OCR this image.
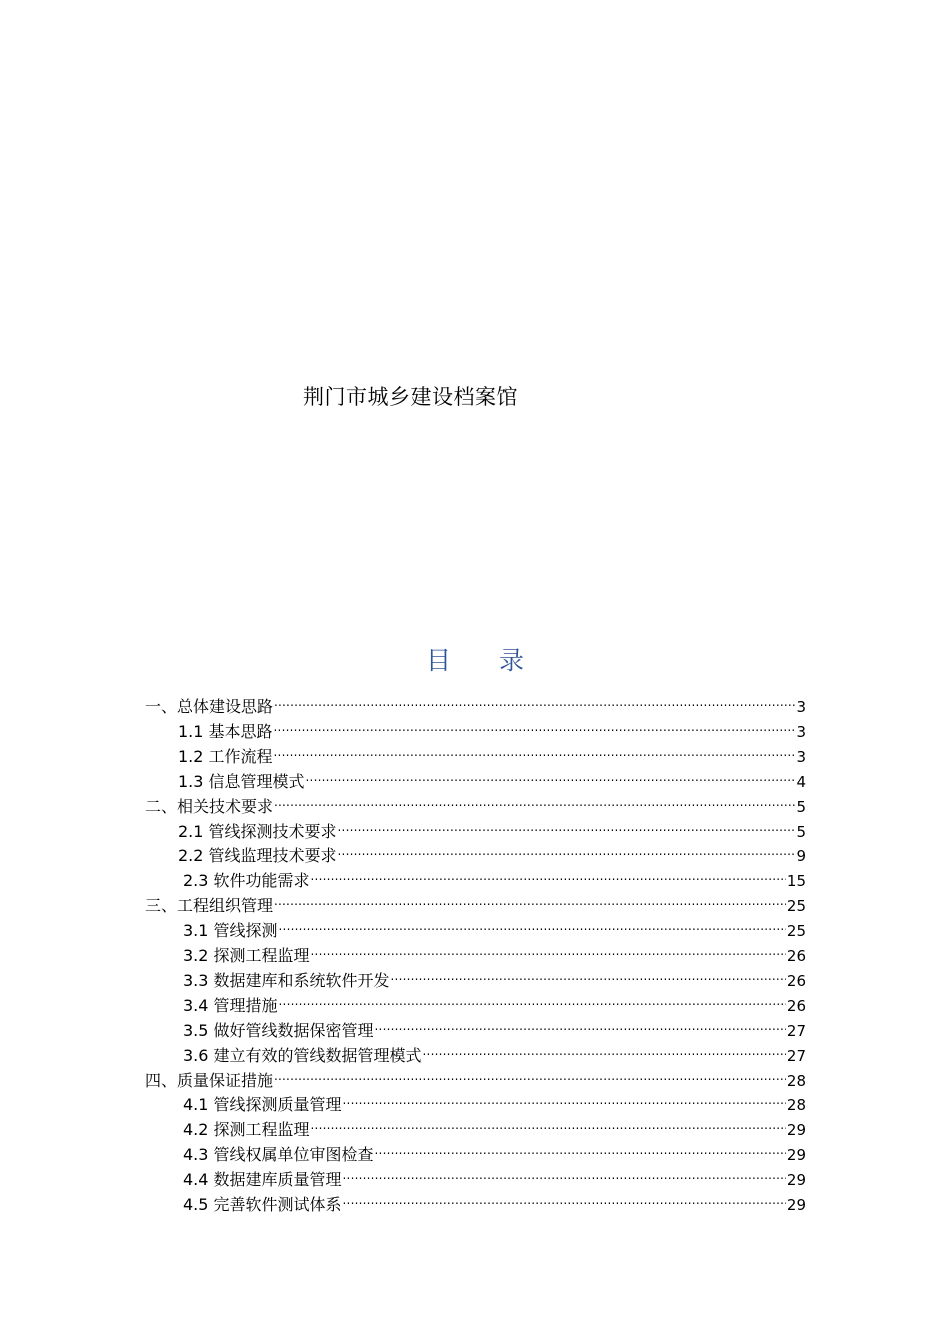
荆门市城乡建设档案馆
目 录
一、总体建设思路 .....	3
1.1 基本思路 .....	3
1.2 工作流程 .....	3
1.3 信息管理模式 .....	4
二、相关技术要求 .....	5
2.1 管线探测技术要求 .....	5
2.2 管线监理技术要求 .....	9
2.3 软件功能需求 .....	15
三、工程组织管理 .....	25
3.1 管线探测 .....	25
3.2 探测工程监理 .....	26
3.3 数据建库和系统软件开发 .....	26
3.4 管理措施 .....	26
3.5 做好管线数据保密管理 .....	27
3.6 建立有效的管线数据管理模式 .....	27
四、质量保证措施 .....	28
4.1 管线探测质量管理 .....	28
4.2 探测工程监理 .....	29
4.3 管线权属单位审图检查 .....	29
4.4 数据建库质量管理 .....	29
4.5 完善软件测试体系 .....	29
